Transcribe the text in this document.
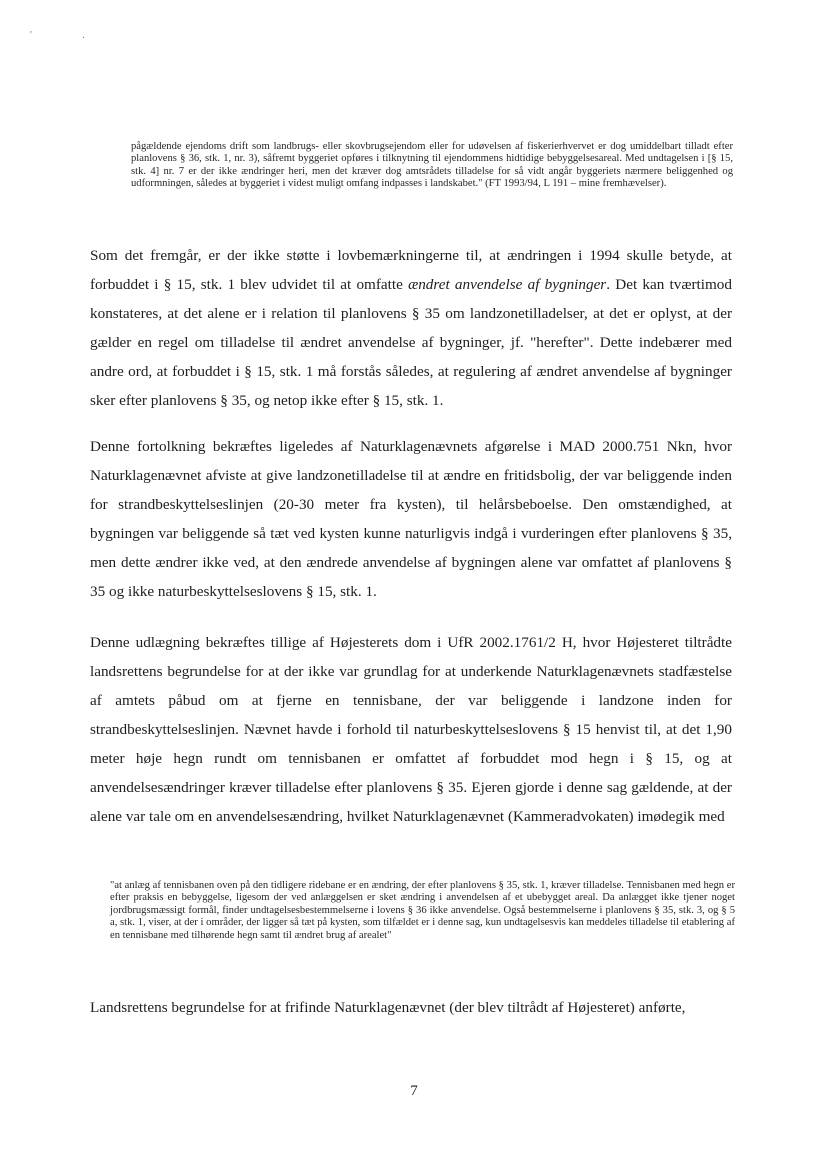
' .
pågældende ejendoms drift som landbrugs- eller skovbrugsejendom eller for udøvelsen af fiskerierhvervet er dog umiddelbart tilladt efter planlovens § 36, stk. 1, nr. 3), såfremt byggeriet opføres i tilknytning til ejendommens hidtidige bebyggelsesareal. Med undtagelsen i [§ 15, stk. 4] nr. 7 er der ikke ændringer heri, men det kræver dog amtsrådets tilladelse for så vidt angår byggeriets nærmere beliggenhed og udformningen, således at byggeriet i videst muligt omfang indpasses i landskabet." (FT 1993/94, L 191 – mine fremhævelser).

Som det fremgår, er der ikke støtte i lovbemærkningerne til, at ændringen i 1994 skulle betyde, at forbuddet i § 15, stk. 1 blev udvidet til at omfatte ændret anvendelse af bygninger. Det kan tværtimod konstateres, at det alene er i relation til planlovens § 35 om landzonetilladelser, at det er oplyst, at der gælder en regel om tilladelse til ændret anvendelse af bygninger, jf. "herefter". Dette indebærer med andre ord, at forbuddet i § 15, stk. 1 må forstås således, at regulering af ændret anvendelse af bygninger sker efter planlovens § 35, og netop ikke efter § 15, stk. 1.

Denne fortolkning bekræftes ligeledes af Naturklagenævnets afgørelse i MAD 2000.751 Nkn, hvor Naturklagenævnet afviste at give landzonetilladelse til at ændre en fritidsbolig, der var beliggende inden for strandbeskyttelseslinjen (20-30 meter fra kysten), til helårsbeboelse. Den omstændighed, at bygningen var beliggende så tæt ved kysten kunne naturligvis indgå i vurderingen efter planlovens § 35, men dette ændrer ikke ved, at den ændrede anvendelse af bygningen alene var omfattet af planlovens § 35 og ikke naturbeskyttelseslovens § 15, stk. 1.

Denne udlægning bekræftes tillige af Højesterets dom i UfR 2002.1761/2 H, hvor Højesteret tiltrådte landsrettens begrundelse for at der ikke var grundlag for at underkende Naturklagenævnets stadfæstelse af amtets påbud om at fjerne en tennisbane, der var beliggende i landzone inden for strandbeskyttelseslinjen. Nævnet havde i forhold til naturbeskyttelseslovens § 15 henvist til, at det 1,90 meter høje hegn rundt om tennisbanen er omfattet af forbuddet mod hegn i § 15, og at anvendelsesændringer kræver tilladelse efter planlovens § 35. Ejeren gjorde i denne sag gældende, at der alene var tale om en anvendelsesændring, hvilket Naturklagenævnet (Kammeradvokaten) imødegik med

"at anlæg af tennisbanen oven på den tidligere ridebane er en ændring, der efter planlovens § 35, stk. 1, kræver tilladelse. Tennisbanen med hegn er efter praksis en bebyggelse, ligesom der ved anlæggelsen er sket ændring i anvendelsen af et ubebygget areal. Da anlægget ikke tjener noget jordbrugsmæssigt formål, finder undtagelsesbestemmelserne i lovens § 36 ikke anvendelse. Også bestemmelserne i planlovens § 35, stk. 3, og § 5 a, stk. 1, viser, at der i områder, der ligger så tæt på kysten, som tilfældet er i denne sag, kun undtagelsesvis kan meddeles tilladelse til etablering af en tennisbane med tilhørende hegn samt til ændret brug af arealet"

Landsrettens begrundelse for at frifinde Naturklagenævnet (der blev tiltrådt af Højesteret) anførte,

7
